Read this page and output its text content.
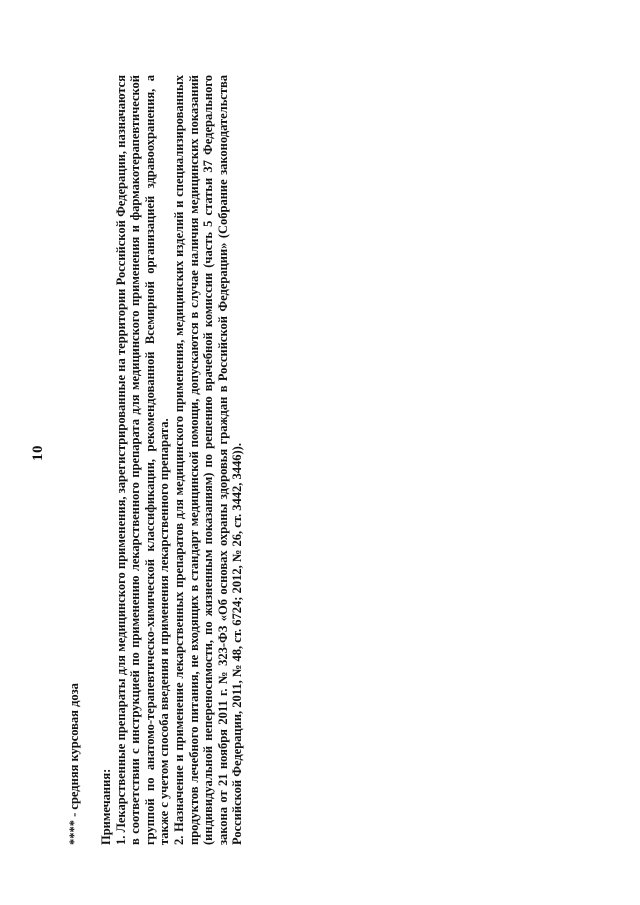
10
**** - средняя курсовая доза Примечания: 1. Лекарственные препараты для медицинского применения, зарегистрированные на территории Российской Федерации, назначаются в соответствии с инструкцией по применению лекарственного препарата для медицинского применения и фармакотерапевтической группой по анатомо-терапевтическо-химической классификации, рекомендованной Всемирной организацией здравоохранения, а также с учетом способа введения и применения лекарственного препарата. 2. Назначение и применение лекарственных препаратов для медицинского применения, медицинских изделий и специализированных продуктов лечебного питания, не входящих в стандарт медицинской помощи, допускаются в случае наличия медицинских показаний (индивидуальной непереносимости, по жизненным показаниям) по решению врачебной комиссии (часть 5 статьи 37 Федерального закона от 21 ноября 2011 г. № 323-ФЗ «Об основах охраны здоровья граждан в Российской Федерации» (Собрание законодательства Российской Федерации, 2011, № 48, ст. 6724; 2012, № 26, ст. 3442, 3446)).
